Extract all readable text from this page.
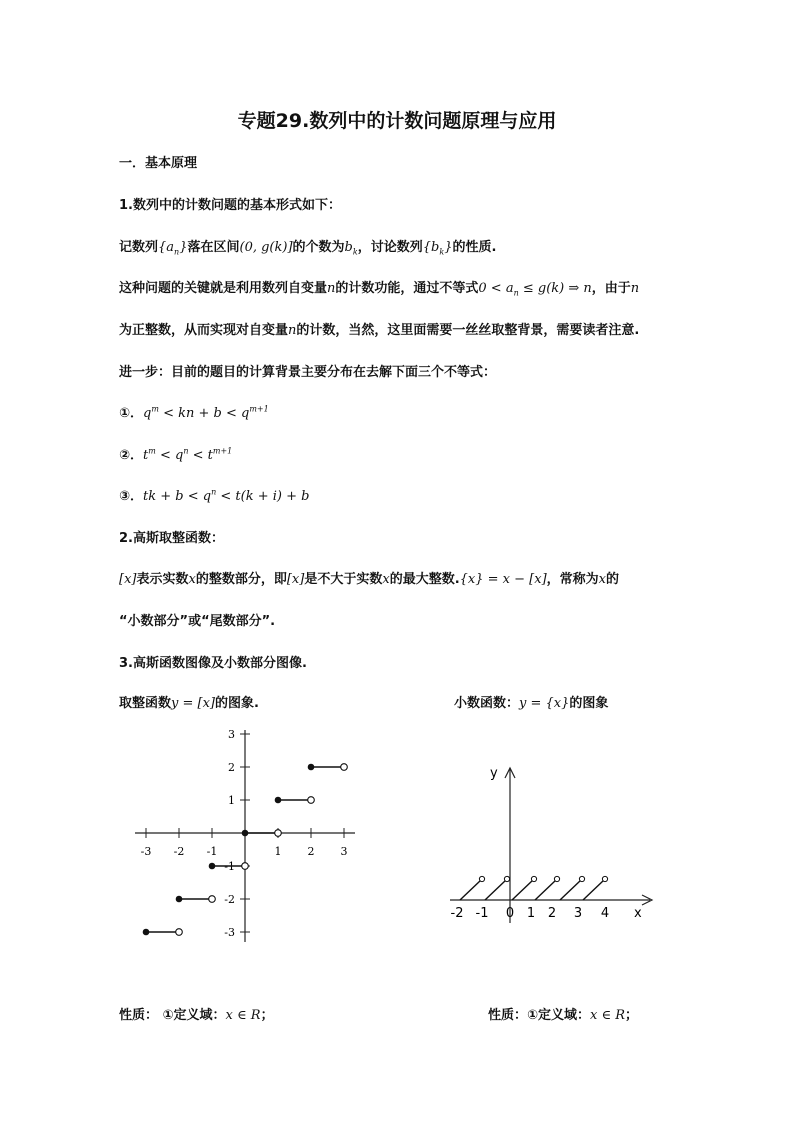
专题29.数列中的计数问题原理与应用
一．基本原理
1.数列中的计数问题的基本形式如下：
记数列$\{a_n\}$落在区间(0, g(k)]的个数为$b_k$，讨论数列$\{b_k\}$的性质.
这种问题的关键就是利用数列自变量n的计数功能，通过不等式$0 < a_n \le g(k)$ ⇒ n，由于n
为正整数，从而实现对自变量n的计数，当然，这里面需要一丝丝取整背景，需要读者注意.
进一步：目前的题目的计算背景主要分布在去解下面三个不等式：
①．$q^m$ < kn + $b < q^{m+1}$
②．$t^m < q^n < t^{m+1}$
③．tk + $b < q^n < t(k + i) + b$
2.高斯取整函数：
[x]表示实数x的整数部分，即[x]是不大于实数x的最大整数.{x} = x − [x]，常称为x的
“小数部分”或“尾数部分”.
3.高斯函数图像及小数部分图像.
取整函数y = [x]的图象.	小数函数：y = {x}的图象
-3 -2 -1	1 2 3
3
2
1
-1
-2
-3
y
x
-2 -1 0 1 2 3 4
性质： ①定义域：x ∈ R；	性质：①定义域：x ∈ R；
